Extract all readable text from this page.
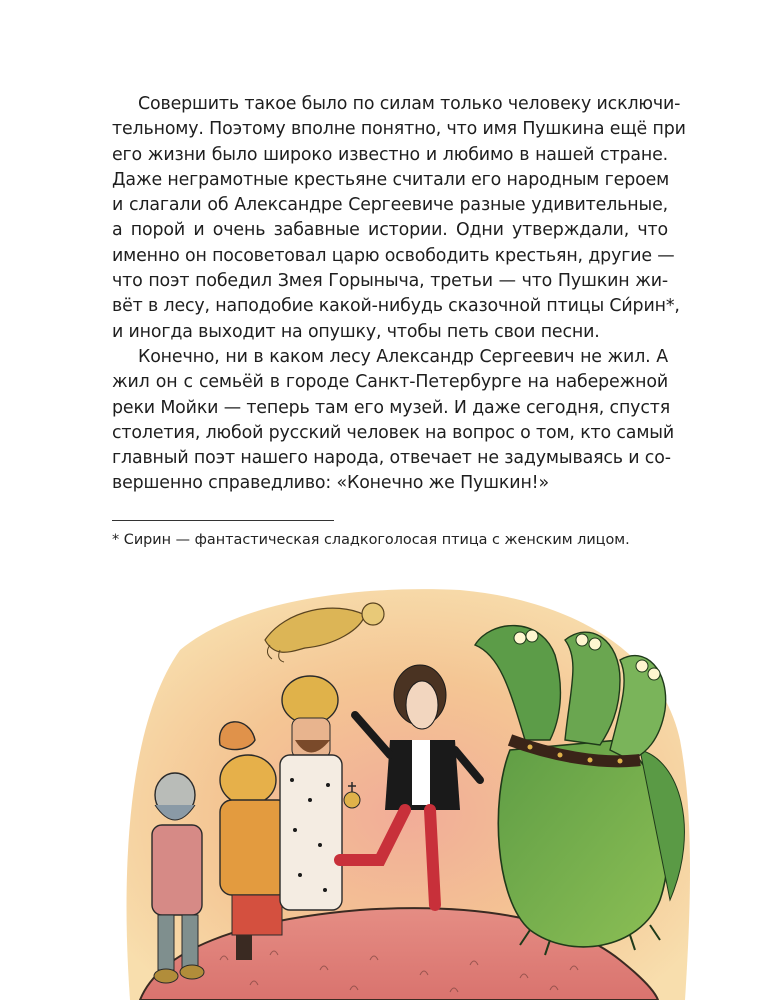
Совершить такое было по силам только человеку исключи-
тельному. Поэтому вполне понятно, что имя Пушкина ещё при
его жизни было широко известно и любимо в нашей стране.
Даже неграмотные крестьяне считали его народным героем
и слагали об Александре Сергеевиче разные удивительные,
а порой и очень забавные истории. Одни утверждали, что
именно он посоветовал царю освободить крестьян, другие —
что поэт победил Змея Горыныча, третьи — что Пушкин жи-
вёт в лесу, наподобие какой-нибудь сказочной птицы Си́рин*,
и иногда выходит на опушку, чтобы петь свои песни.
Конечно, ни в каком лесу Александр Сергеевич не жил. А
жил он с семьёй в городе Санкт-Петербурге на набережной
реки Мойки — теперь там его музей. И даже сегодня, спустя
столетия, любой русский человек на вопрос о том, кто самый
главный поэт нашего народа, отвечает не задумываясь и со-
вершенно справедливо: «Конечно же Пушкин!»
* Сирин — фантастическая сладкоголосая птица с женским лицом.
